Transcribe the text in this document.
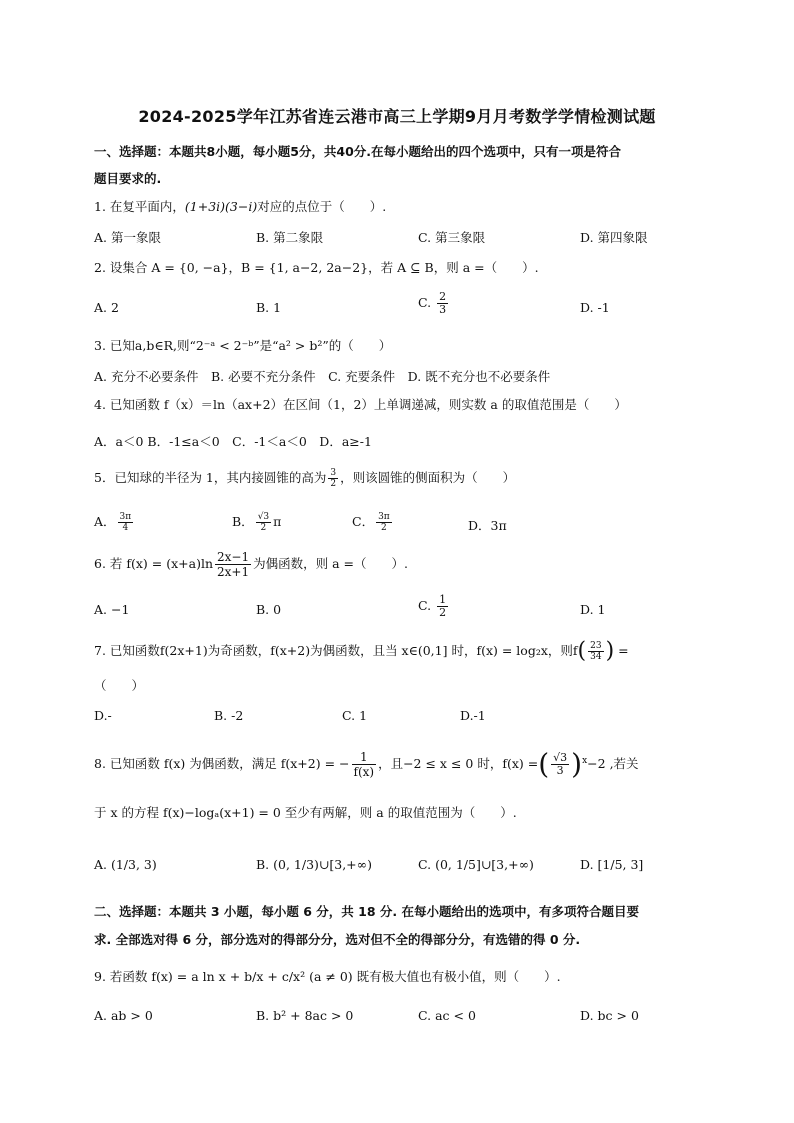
2024-2025学年江苏省连云港市高三上学期9月月考数学学情检测试题
一、选择题：本题共8小题，每小题5分，共40分.在每小题给出的四个选项中，只有一项是符合
题目要求的.
1. 在复平面内，(1+3i)(3−i)对应的点位于（　　）.
A. 第一象限	B. 第二象限	C. 第三象限	D. 第四象限
2. 设集合 A = {0, −a}，B = {1, a−2, 2a−2}，若 A ⊆ B，则 a =（　　）.
A. 2	B. 1	C. $\frac{2}{3}$	D. -1
3. 已知a,b∈R,则“2⁻ᵃ < 2⁻ᵇ”是“a² > b²”的（　　）
A. 充分不必要条件　B. 必要不充分条件　C. 充要条件　D. 既不充分也不必要条件
4. 已知函数 f（x）＝ln（ax+2）在区间（1，2）上单调递减，则实数 a 的取值范围是（　　）
A．a＜0 B．-1≤a＜0　C．-1＜a＜0　D．a≥-1
5．已知球的半径为 1，其内接圆锥的高为 $\frac{3}{2}$ ，则该圆锥的侧面积为（　　）
A． $\frac{3\pi}{4}$	B． $\frac{√3}{2}$ π	C． $\frac{3\pi}{2}$	D．3π
6. 若 $f(x) = (x+a)\ln \frac{2x-1}{2x+1}$ 为偶函数，则 a =（　　）.
A. −1	B. 0	C. $\frac{1}{2}$	D. 1
7. 已知函数f(2x+1)为奇函数，f(x+2)为偶函数，且当 x∈(0,1] 时，f(x) = log₂x，则$f( \frac{23}{34}$ ) =
（　　）
D.-	B. -2	C. 1	D.-1
8. 已知函数 f(x) 为偶函数，满足 f(x+2) = − $\frac{1}{f(x)}$ ，且−2 ≤ x ≤ 0 时，f(x) =( $\frac{√3}{3} )^x-2$ ,若关
于 x 的方程 f(x)−logₐ(x+1) = 0 至少有两解，则 a 的取值范围为（　　）.
A. (1/3, 3)	B. (0, 1/3)∪[3,+∞)	C. (0, 1/5]∪[3,+∞)	D. [1/5, 3]
二、选择题：本题共 3 小题，每小题 6 分，共 18 分. 在每小题给出的选项中，有多项符合题目要
求. 全部选对得 6 分，部分选对的得部分分，选对但不全的得部分分，有选错的得 0 分.
9. 若函数 f(x) = a ln x + b/x + c/x² (a ≠ 0) 既有极大值也有极小值，则（　　）.
A. ab > 0	B. b² + 8ac > 0	C. ac < 0	D. bc > 0
